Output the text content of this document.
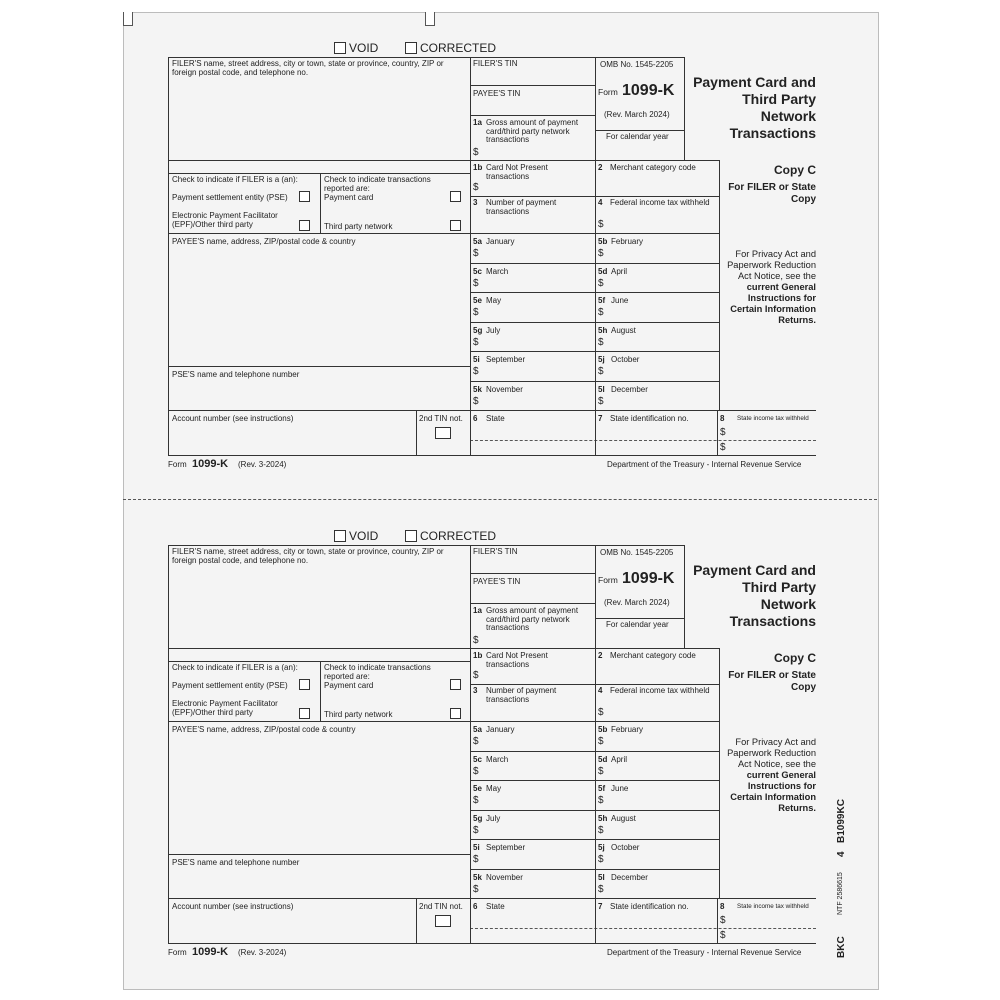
VOID	CORRECTED
FILER'S name, street address, city or town, state or province, country, ZIP or foreign postal code, and telephone no.
FILER'S TIN
PAYEE'S TIN
1a Gross amount of payment card/third party network transactions
$
OMB No. 1545-2205
Form 1099-K
(Rev. March 2024)
For calendar year
Payment Card and Third Party Network Transactions
1b Card Not Present transactions
$
2 Merchant category code
3 Number of payment transactions
4 Federal income tax withheld
$
Copy C
For FILER or State Copy
Check to indicate if FILER is a (an):
Payment settlement entity (PSE)
Electronic Payment Facilitator (EPF)/Other third party
Check to indicate transactions reported are:
Payment card
Third party network
PAYEE'S name, address, ZIP/postal code & country
PSE'S name and telephone number
5a January
$
5b February
$
5c March
$
5d April
$
5e May
$
5f June
$
5g July
$
5h August
$
5i September
$
5j October
$
5k November
$
5l December
$
For Privacy Act and Paperwork Reduction Act Notice, see the current General Instructions for Certain Information Returns.
Account number (see instructions)	2nd TIN not. 6 State	7 State identification no.	8 State income tax withheld
$
$
Form 1099-K (Rev. 3-2024)	Department of the Treasury - Internal Revenue Service
VOID	CORRECTED
FILER'S name, street address, city or town, state or province, country, ZIP or foreign postal code, and telephone no.
FILER'S TIN
PAYEE'S TIN
1a Gross amount of payment card/third party network transactions
$
OMB No. 1545-2205
Form 1099-K
(Rev. March 2024)
For calendar year
Payment Card and Third Party Network Transactions
1b Card Not Present transactions
$
2 Merchant category code
3 Number of payment transactions
4 Federal income tax withheld
$
Copy C
For FILER or State Copy
Check to indicate if FILER is a (an):
Payment settlement entity (PSE)
Electronic Payment Facilitator (EPF)/Other third party
Check to indicate transactions reported are:
Payment card
Third party network
PAYEE'S name, address, ZIP/postal code & country
PSE'S name and telephone number
5a January
$
5b February
$
5c March
$
5d April
$
5e May
$
5f June
$
5g July
$
5h August
$
5i September
$
5j October
$
5k November
$
5l December
$
For Privacy Act and Paperwork Reduction Act Notice, see the current General Instructions for Certain Information Returns.
Account number (see instructions)	2nd TIN not. 6 State	7 State identification no.	8 State income tax withheld
$
$
Form 1099-K (Rev. 3-2024)	Department of the Treasury - Internal Revenue Service
B1099KC
4
NTF 2586615
BKC
